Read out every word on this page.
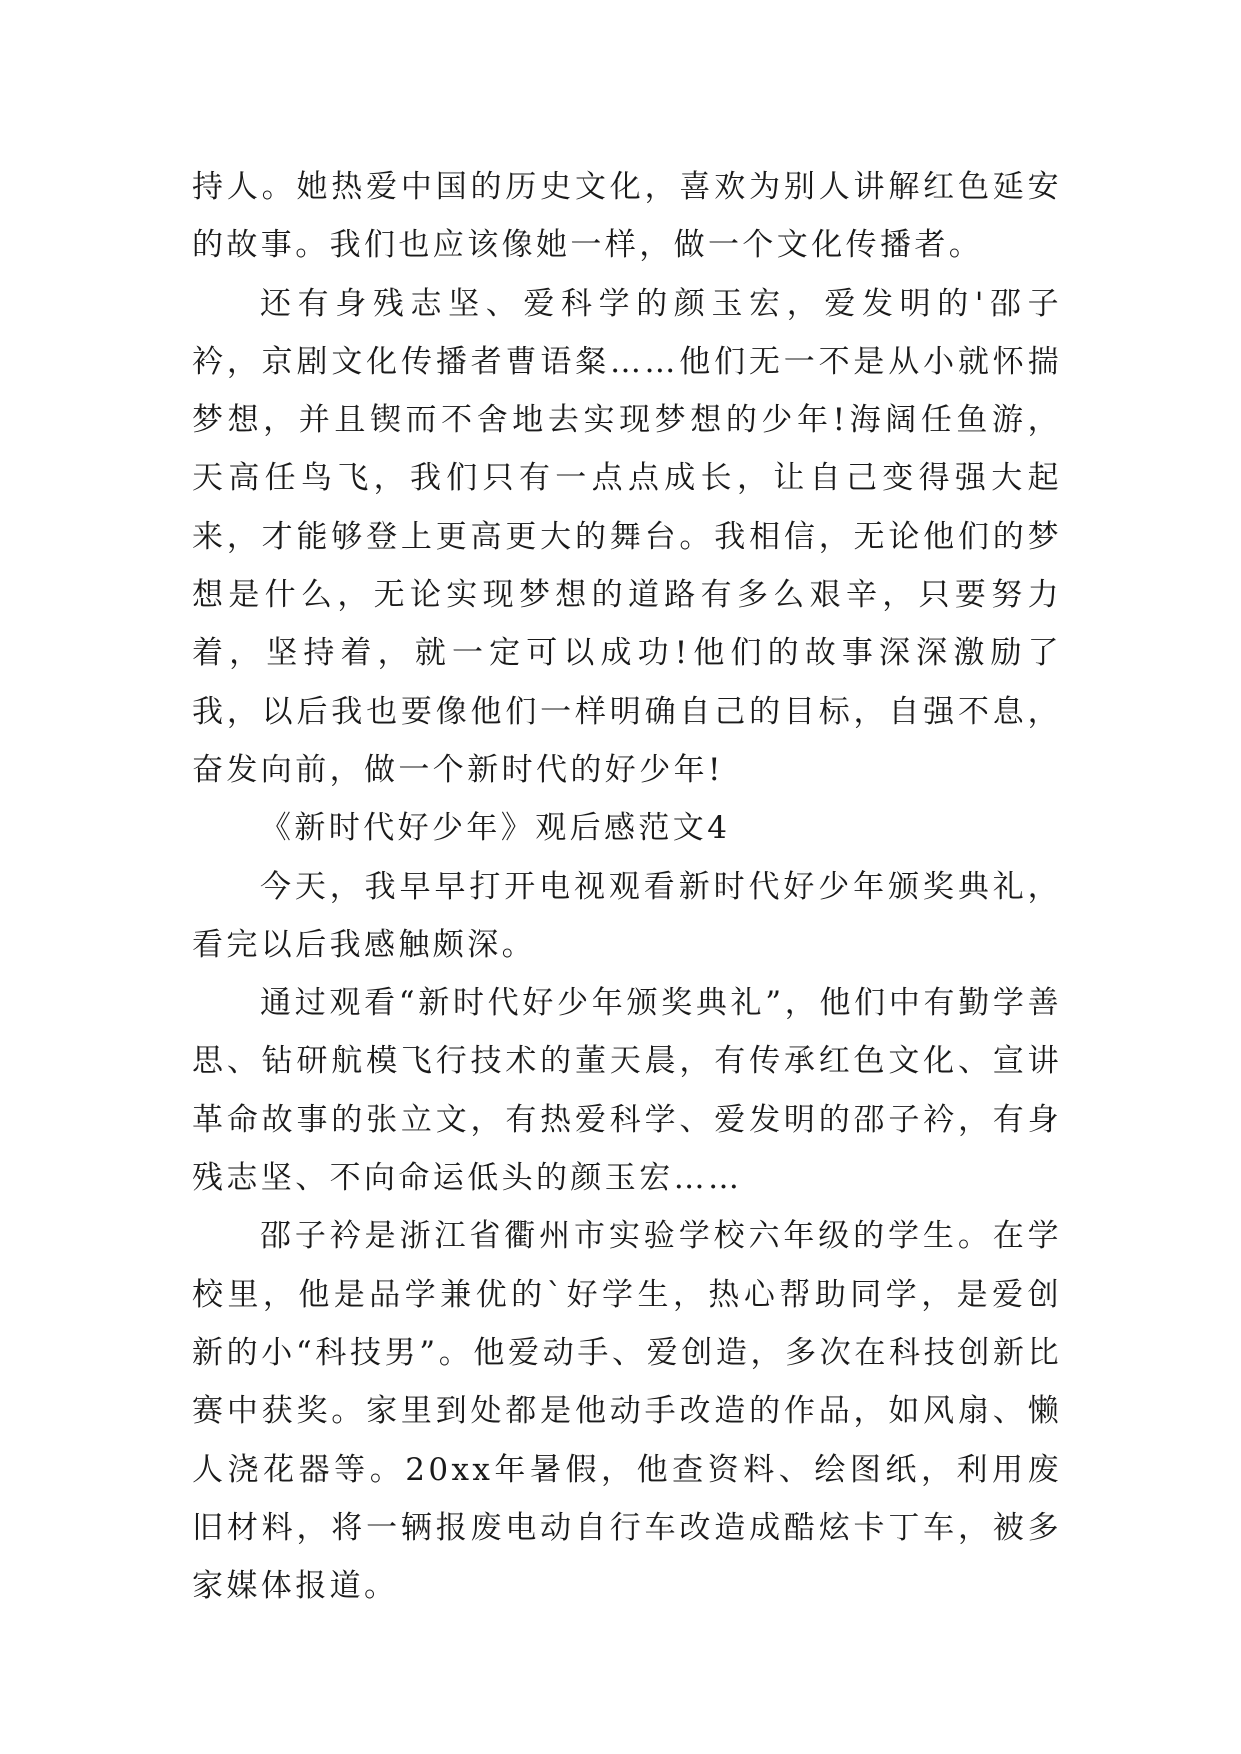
持人。她热爱中国的历史文化，喜欢为别人讲解红色延安的故事。我们也应该像她一样，做一个文化传播者。

还有身残志坚、爱科学的颜玉宏，爱发明的'邵子衿，京剧文化传播者曹语粲……他们无一不是从小就怀揣梦想，并且锲而不舍地去实现梦想的少年!海阔任鱼游，天高任鸟飞，我们只有一点点成长，让自己变得强大起来，才能够登上更高更大的舞台。我相信，无论他们的梦想是什么，无论实现梦想的道路有多么艰辛，只要努力着，坚持着，就一定可以成功!他们的故事深深激励了我，以后我也要像他们一样明确自己的目标，自强不息，奋发向前，做一个新时代的好少年!

《新时代好少年》观后感范文4

今天，我早早打开电视观看新时代好少年颁奖典礼，看完以后我感触颇深。

通过观看“新时代好少年颁奖典礼”，他们中有勤学善思、钻研航模飞行技术的董天晨，有传承红色文化、宣讲革命故事的张立文，有热爱科学、爱发明的邵子衿，有身残志坚、不向命运低头的颜玉宏……

邵子衿是浙江省衢州市实验学校六年级的学生。在学校里，他是品学兼优的`好学生，热心帮助同学，是爱创新的小“科技男”。他爱动手、爱创造，多次在科技创新比赛中获奖。家里到处都是他动手改造的作品，如风扇、懒人浇花器等。20xx年暑假，他查资料、绘图纸，利用废旧材料，将一辆报废电动自行车改造成酷炫卡丁车，被多家媒体报道。
